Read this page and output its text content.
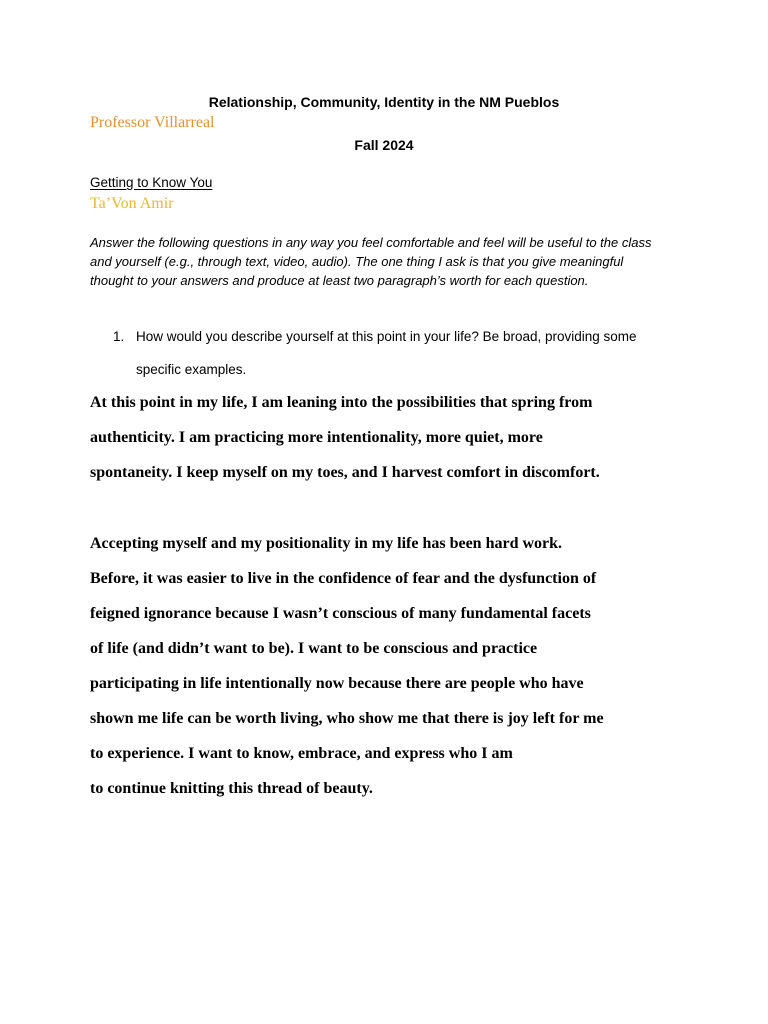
Relationship, Community, Identity in the NM Pueblos

Professor Villarreal

Fall 2024

Getting to Know You

Ta’Von Amir

Answer the following questions in any way you feel comfortable and feel will be useful to the class and yourself (e.g., through text, video, audio). The one thing I ask is that you give meaningful thought to your answers and produce at least two paragraph’s worth for each question.

1. How would you describe yourself at this point in your life? Be broad, providing some specific examples.

At this point in my life, I am leaning into the possibilities that spring from
authenticity. I am practicing more intentionality, more quiet, more
spontaneity. I keep myself on my toes, and I harvest comfort in discomfort.
Accepting myself and my positionality in my life has been hard work.
Before, it was easier to live in the confidence of fear and the dysfunction of
feigned ignorance because I wasn’t conscious of many fundamental facets
of life (and didn’t want to be). I want to be conscious and practice
participating in life intentionally now because there are people who have
shown me life can be worth living, who show me that there is joy left for me
to experience. I want to know, embrace, and express who I am
to continue knitting this thread of beauty.
